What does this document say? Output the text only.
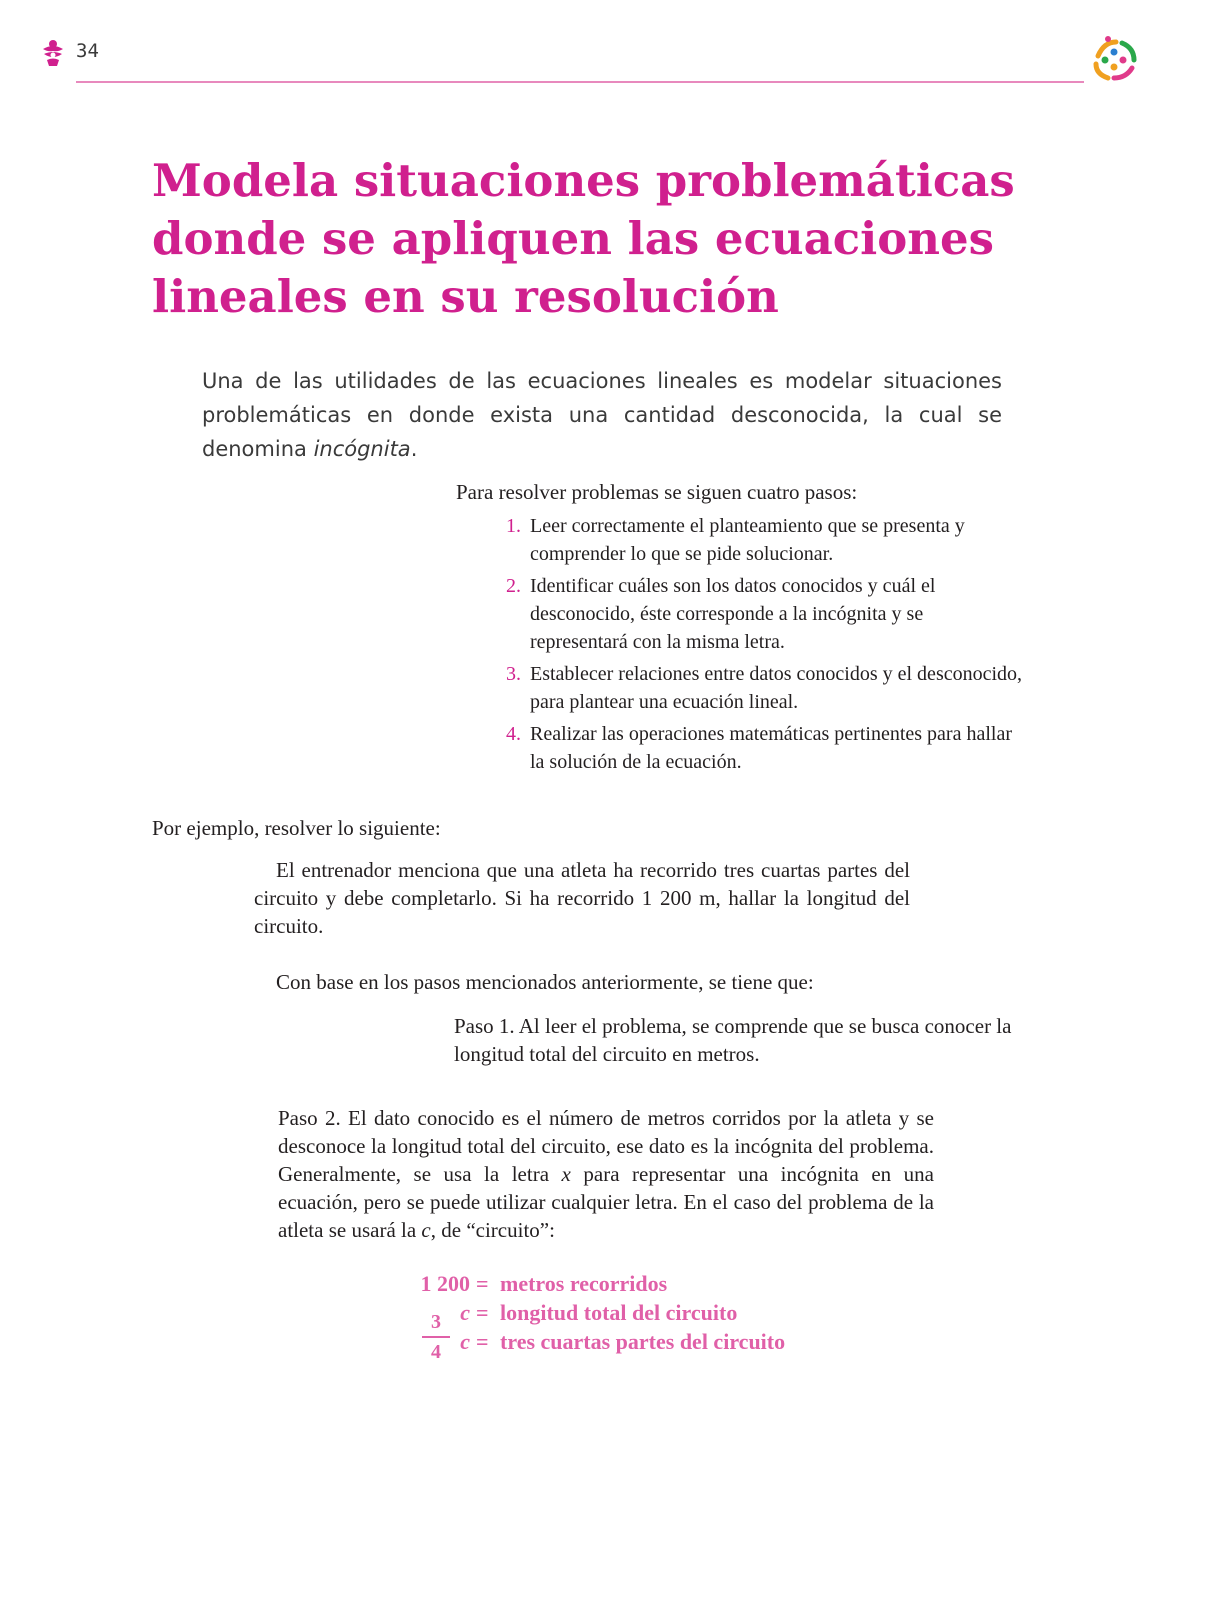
34
Modela situaciones problemáticas
donde se apliquen las ecuaciones
lineales en su resolución

Una de las utilidades de las ecuaciones lineales es modelar situaciones problemáticas en donde exista una cantidad desconocida, la cual se denomina incógnita.

Para resolver problemas se siguen cuatro pasos:

1. Leer correctamente el planteamiento que se presenta y comprender lo que se pide solucionar.
2. Identificar cuáles son los datos conocidos y cuál el desconocido, éste corresponde a la incógnita y se representará con la misma letra.
3. Establecer relaciones entre datos conocidos y el desconocido, para plantear una ecuación lineal.
4. Realizar las operaciones matemáticas pertinentes para hallar la solución de la ecuación.

Por ejemplo, resolver lo siguiente:

El entrenador menciona que una atleta ha recorrido tres cuartas partes del circuito y debe completarlo. Si ha recorrido 1 200 m, hallar la longitud del circuito.

Con base en los pasos mencionados anteriormente, se tiene que:

Paso 1. Al leer el problema, se comprende que se busca conocer la longitud total del circuito en metros.

Paso 2. El dato conocido es el número de metros corridos por la atleta y se desconoce la longitud total del circuito, ese dato es la incógnita del problema. Generalmente, se usa la letra x para representar una incógnita en una ecuación, pero se puede utilizar cualquier letra. En el caso del problema de la atleta se usará la c, de “circuito”:

1 200 = metros recorridos
c = longitud total del circuito
3
4 c = tres cuartas partes del circuito
